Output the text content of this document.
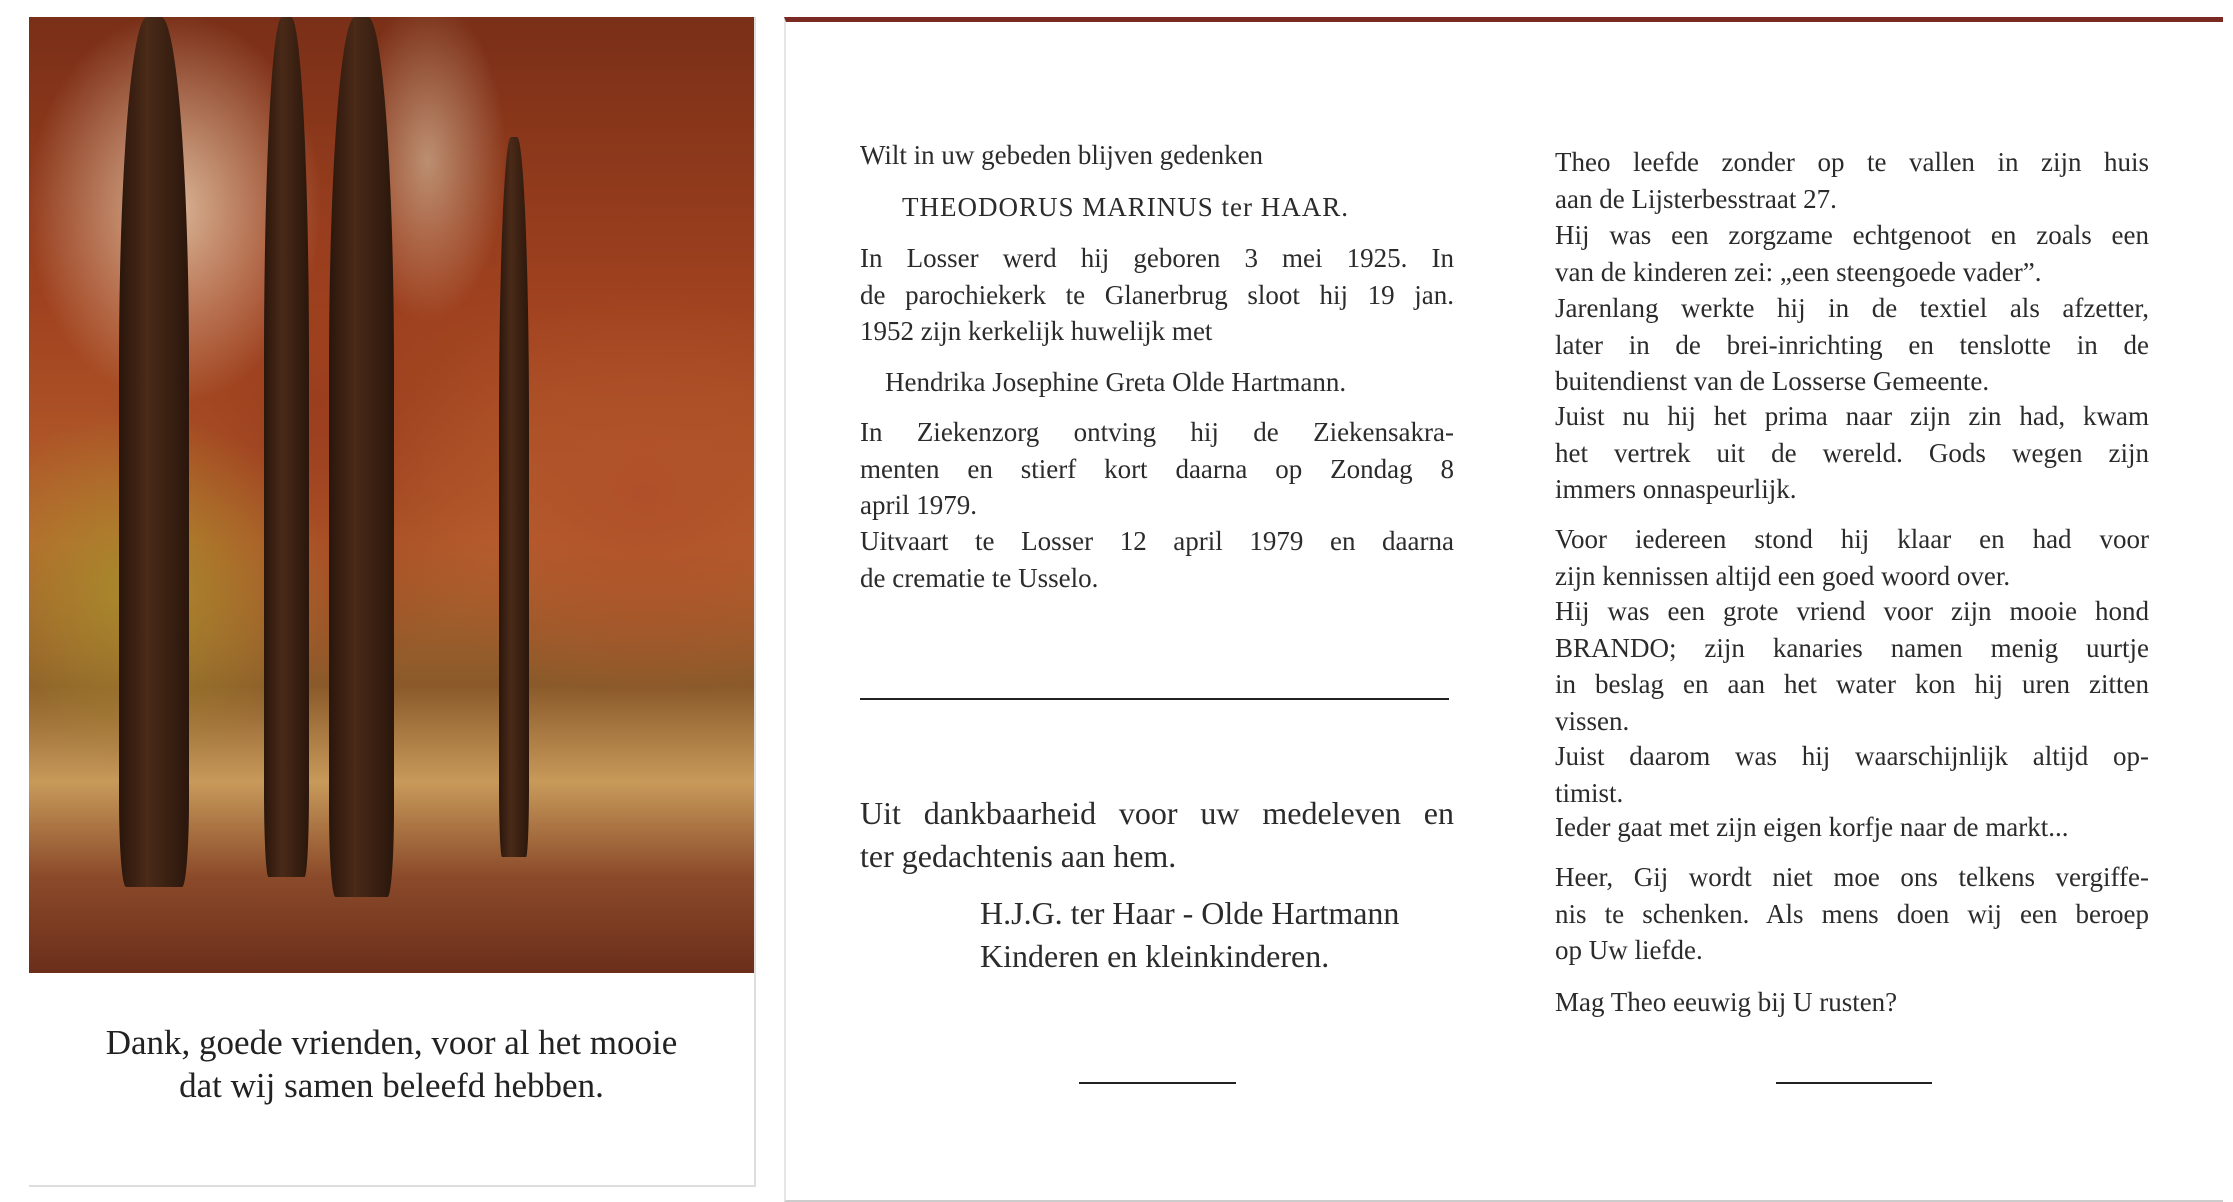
Dank, goede vrienden, voor al het mooie
dat wij samen beleefd hebben.
Wilt in uw gebeden blijven gedenken
THEODORUS MARINUS ter HAAR.
In Losser werd hij geboren 3 mei 1925. In
de parochiekerk te Glanerbrug sloot hij 19 jan.
1952 zijn kerkelijk huwelijk met
Hendrika Josephine Greta Olde Hartmann.
In Ziekenzorg ontving hij de Ziekensakra-
menten en stierf kort daarna op Zondag 8
april 1979.
Uitvaart te Losser 12 april 1979 en daarna
de crematie te Usselo.
Uit dankbaarheid voor uw medeleven en
ter gedachtenis aan hem.
H.J.G. ter Haar - Olde Hartmann
Kinderen en kleinkinderen.
Theo leefde zonder op te vallen in zijn huis
aan de Lijsterbesstraat 27.
Hij was een zorgzame echtgenoot en zoals een
van de kinderen zei: „een steengoede vader”.
Jarenlang werkte hij in de textiel als afzetter,
later in de brei-inrichting en tenslotte in de
buitendienst van de Losserse Gemeente.
Juist nu hij het prima naar zijn zin had, kwam
het vertrek uit de wereld. Gods wegen zijn
immers onnaspeurlijk.
Voor iedereen stond hij klaar en had voor
zijn kennissen altijd een goed woord over.
Hij was een grote vriend voor zijn mooie hond
BRANDO; zijn kanaries namen menig uurtje
in beslag en aan het water kon hij uren zitten
vissen.
Juist daarom was hij waarschijnlijk altijd op-
timist.
Ieder gaat met zijn eigen korfje naar de markt...
Heer, Gij wordt niet moe ons telkens vergiffe-
nis te schenken. Als mens doen wij een beroep
op Uw liefde.
Mag Theo eeuwig bij U rusten?
